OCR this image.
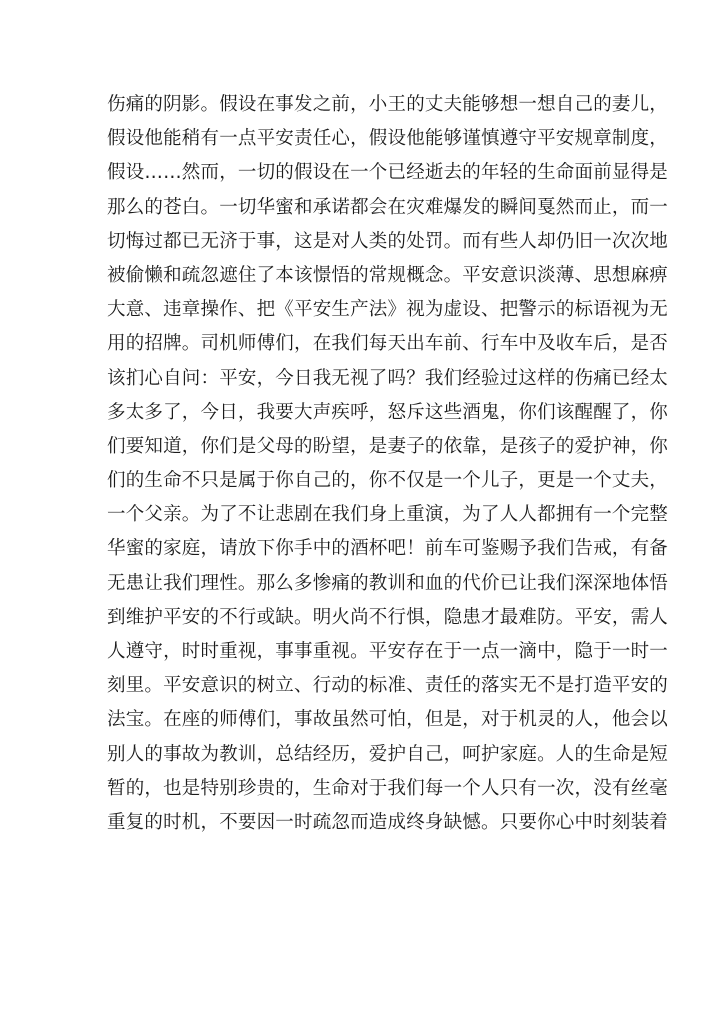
伤痛的阴影。假设在事发之前，小王的丈夫能够想一想自己的妻儿，
假设他能稍有一点平安责任心，假设他能够谨慎遵守平安规章制度，
假设……然而，一切的假设在一个已经逝去的年轻的生命面前显得是
那么的苍白。一切华蜜和承诺都会在灾难爆发的瞬间戛然而止，而一
切悔过都已无济于事，这是对人类的处罚。而有些人却仍旧一次次地
被偷懒和疏忽遮住了本该憬悟的常规概念。平安意识淡薄、思想麻痹
大意、违章操作、把《平安生产法》视为虚设、把警示的标语视为无
用的招牌。司机师傅们，在我们每天出车前、行车中及收车后，是否
该扪心自问：平安，今日我无视了吗？我们经验过这样的伤痛已经太
多太多了，今日，我要大声疾呼，怒斥这些酒鬼，你们该醒醒了，你
们要知道，你们是父母的盼望，是妻子的依靠，是孩子的爱护神，你
们的生命不只是属于你自己的，你不仅是一个儿子，更是一个丈夫，
一个父亲。为了不让悲剧在我们身上重演，为了人人都拥有一个完整
华蜜的家庭，请放下你手中的酒杯吧！前车可鉴赐予我们告戒，有备
无患让我们理性。那么多惨痛的教训和血的代价已让我们深深地体悟
到维护平安的不行或缺。明火尚不行惧，隐患才最难防。平安，需人
人遵守，时时重视，事事重视。平安存在于一点一滴中，隐于一时一
刻里。平安意识的树立、行动的标准、责任的落实无不是打造平安的
法宝。在座的师傅们，事故虽然可怕，但是，对于机灵的人，他会以
别人的事故为教训，总结经历，爱护自己，呵护家庭。人的生命是短
暂的，也是特别珍贵的，生命对于我们每一个人只有一次，没有丝毫
重复的时机，不要因一时疏忽而造成终身缺憾。只要你心中时刻装着
